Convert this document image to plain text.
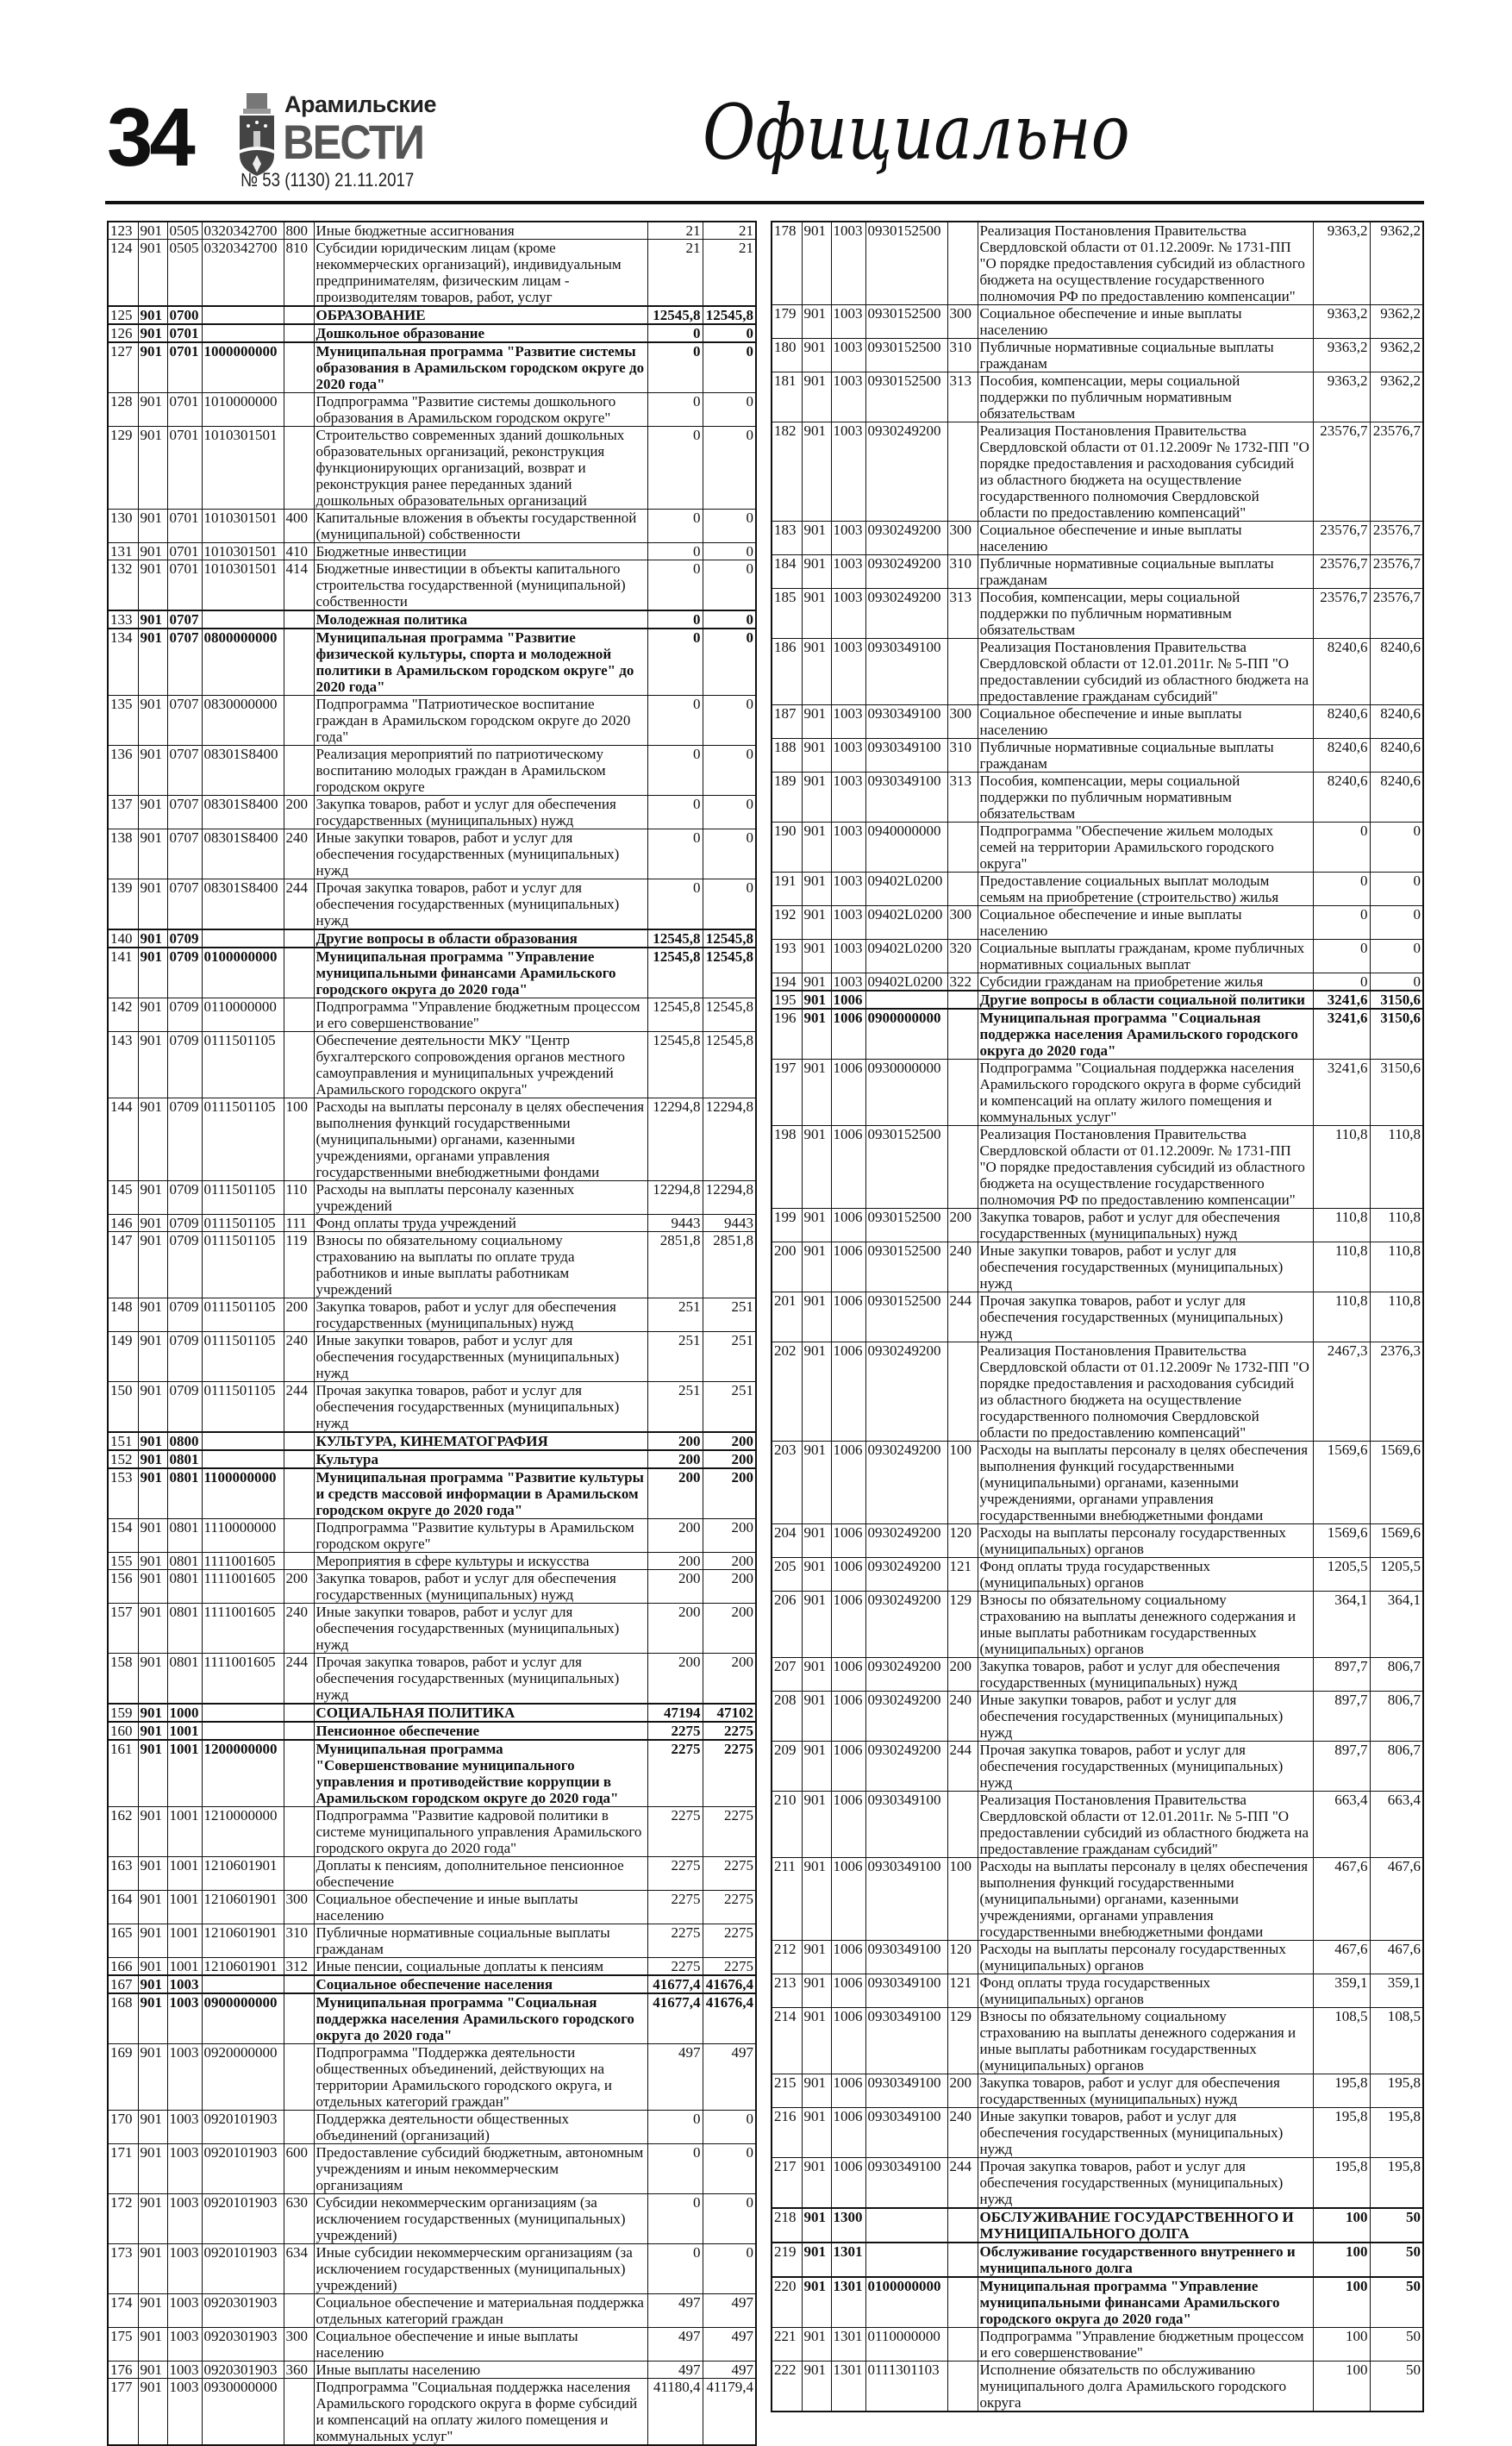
34	Арамильские
ВЕСТИ
№ 53 (1130) 21.11.2017
Официально
123	901	0505	0320342700	800	Иные бюджетные ассигнования	21	21
124	901	0505	0320342700	810	Субсидии юридическим лицам (кроме некоммерческих организаций), индивидуальным предпринимателям, физическим лицам - производителям товаров, работ, услуг	21	21
125	901	0700			ОБРАЗОВАНИЕ	12545,8	12545,8
126	901	0701			Дошкольное образование	0	0
127	901	0701	1000000000		Муниципальная программа "Развитие системы образования в Арамильском городском округе до 2020 года"	0	0
128	901	0701	1010000000		Подпрограмма "Развитие системы дошкольного образования в Арамильском городском округе"	0	0
129	901	0701	1010301501		Строительство современных зданий дошкольных образовательных организаций, реконструкция функционирующих организаций, возврат и реконструкция ранее переданных зданий дошкольных образовательных организаций	0	0
130	901	0701	1010301501	400	Капитальные вложения в объекты государственной (муниципальной) собственности	0	0
131	901	0701	1010301501	410	Бюджетные инвестиции	0	0
132	901	0701	1010301501	414	Бюджетные инвестиции в объекты капитального строительства государственной (муниципальной) собственности	0	0
133	901	0707			Молодежная политика	0	0
134	901	0707	0800000000		Муниципальная программа "Развитие физической культуры, спорта и молодежной политики в Арамильском городском округе" до 2020 года"	0	0
135	901	0707	0830000000		Подпрограмма "Патриотическое воспитание граждан в Арамильском городском округе до 2020 года"	0	0
136	901	0707	08301S8400		Реализация мероприятий по патриотическому воспитанию молодых граждан в Арамильском городском округе	0	0
137	901	0707	08301S8400	200	Закупка товаров, работ и услуг для обеспечения государственных (муниципальных) нужд	0	0
138	901	0707	08301S8400	240	Иные закупки товаров, работ и услуг для обеспечения государственных (муниципальных) нужд	0	0
139	901	0707	08301S8400	244	Прочая закупка товаров, работ и услуг для обеспечения государственных (муниципальных) нужд	0	0
140	901	0709			Другие вопросы в области образования	12545,8	12545,8
141	901	0709	0100000000		Муниципальная программа "Управление муниципальными финансами Арамильского городского округа до 2020 года"	12545,8	12545,8
142	901	0709	0110000000		Подпрограмма "Управление бюджетным процессом и его совершенствование"	12545,8	12545,8
143	901	0709	0111501105		Обеспечение деятельности МКУ "Центр бухгалтерского сопровождения органов местного самоуправления и муниципальных учреждений Арамильского городского округа"	12545,8	12545,8
144	901	0709	0111501105	100	Расходы на выплаты персоналу в целях обеспечения выполнения функций государственными (муниципальными) органами, казенными учреждениями, органами управления государственными внебюджетными фондами	12294,8	12294,8
145	901	0709	0111501105	110	Расходы на выплаты персоналу казенных учреждений	12294,8	12294,8
146	901	0709	0111501105	111	Фонд оплаты труда учреждений	9443	9443
147	901	0709	0111501105	119	Взносы по обязательному социальному страхованию на выплаты по оплате труда работников и иные выплаты работникам учреждений	2851,8	2851,8
148	901	0709	0111501105	200	Закупка товаров, работ и услуг для обеспечения государственных (муниципальных) нужд	251	251
149	901	0709	0111501105	240	Иные закупки товаров, работ и услуг для обеспечения государственных (муниципальных) нужд	251	251
150	901	0709	0111501105	244	Прочая закупка товаров, работ и услуг для обеспечения государственных (муниципальных) нужд	251	251
151	901	0800			КУЛЬТУРА, КИНЕМАТОГРАФИЯ	200	200
152	901	0801			Культура	200	200
153	901	0801	1100000000		Муниципальная программа "Развитие культуры и средств массовой информации в Арамильском городском округе до 2020 года"	200	200
154	901	0801	1110000000		Подпрограмма "Развитие культуры в Арамильском городском округе"	200	200
155	901	0801	1111001605		Мероприятия в сфере культуры и искусства	200	200
156	901	0801	1111001605	200	Закупка товаров, работ и услуг для обеспечения государственных (муниципальных) нужд	200	200
157	901	0801	1111001605	240	Иные закупки товаров, работ и услуг для обеспечения государственных (муниципальных) нужд	200	200
158	901	0801	1111001605	244	Прочая закупка товаров, работ и услуг для обеспечения государственных (муниципальных) нужд	200	200
159	901	1000			СОЦИАЛЬНАЯ ПОЛИТИКА	47194	47102
160	901	1001			Пенсионное обеспечение	2275	2275
161	901	1001	1200000000		Муниципальная программа "Совершенствование муниципального управления и противодействие коррупции в Арамильском городском округе до 2020 года"	2275	2275
162	901	1001	1210000000		Подпрограмма "Развитие кадровой политики в системе муниципального управления Арамильского городского округа до 2020 года"	2275	2275
163	901	1001	1210601901		Доплаты к пенсиям, дополнительное пенсионное обеспечение	2275	2275
164	901	1001	1210601901	300	Социальное обеспечение и иные выплаты населению	2275	2275
165	901	1001	1210601901	310	Публичные нормативные социальные выплаты гражданам	2275	2275
166	901	1001	1210601901	312	Иные пенсии, социальные доплаты к пенсиям	2275	2275
167	901	1003			Социальное обеспечение населения	41677,4	41676,4
168	901	1003	0900000000		Муниципальная программа "Социальная поддержка населения Арамильского городского округа до 2020 года"	41677,4	41676,4
169	901	1003	0920000000		Подпрограмма "Поддержка деятельности общественных объединений, действующих на территории Арамильского городского округа, и отдельных категорий граждан"	497	497
170	901	1003	0920101903		Поддержка деятельности общественных объединений (организаций)	0	0
171	901	1003	0920101903	600	Предоставление субсидий бюджетным, автономным учреждениям и иным некоммерческим организациям	0	0
172	901	1003	0920101903	630	Субсидии некоммерческим организациям (за исключением государственных (муниципальных) учреждений)	0	0
173	901	1003	0920101903	634	Иные субсидии некоммерческим организациям (за исключением государственных (муниципальных) учреждений)	0	0
174	901	1003	0920301903		Социальное обеспечение и материальная поддержка отдельных категорий граждан	497	497
175	901	1003	0920301903	300	Социальное обеспечение и иные выплаты населению	497	497
176	901	1003	0920301903	360	Иные выплаты населению	497	497
177	901	1003	0930000000		Подпрограмма "Социальная поддержка населения Арамильского городского округа в форме субсидий и компенсаций на оплату жилого помещения и коммунальных услуг"	41180,4	41179,4
178	901	1003	0930152500		Реализация Постановления Правительства Свердловской области от 01.12.2009г. № 1731-ПП "О порядке предоставления субсидий из областного бюджета на осуществление государственного полномочия РФ по предоставлению компенсации"	9363,2	9362,2
179	901	1003	0930152500	300	Социальное обеспечение и иные выплаты населению	9363,2	9362,2
180	901	1003	0930152500	310	Публичные нормативные социальные выплаты гражданам	9363,2	9362,2
181	901	1003	0930152500	313	Пособия, компенсации, меры социальной поддержки по публичным нормативным обязательствам	9363,2	9362,2
182	901	1003	0930249200		Реализация Постановления Правительства Свердловской области от 01.12.2009г № 1732-ПП "О порядке предоставления и расходования субсидий из областного бюджета на осуществление государственного полномочия Свердловской области по предоставлению компенсаций"	23576,7	23576,7
183	901	1003	0930249200	300	Социальное обеспечение и иные выплаты населению	23576,7	23576,7
184	901	1003	0930249200	310	Публичные нормативные социальные выплаты гражданам	23576,7	23576,7
185	901	1003	0930249200	313	Пособия, компенсации, меры социальной поддержки по публичным нормативным обязательствам	23576,7	23576,7
186	901	1003	0930349100		Реализация Постановления Правительства Свердловской области от 12.01.2011г. № 5-ПП "О предоставлении субсидий из областного бюджета на предоставление гражданам субсидий"	8240,6	8240,6
187	901	1003	0930349100	300	Социальное обеспечение и иные выплаты населению	8240,6	8240,6
188	901	1003	0930349100	310	Публичные нормативные социальные выплаты гражданам	8240,6	8240,6
189	901	1003	0930349100	313	Пособия, компенсации, меры социальной поддержки по публичным нормативным обязательствам	8240,6	8240,6
190	901	1003	0940000000		Подпрограмма "Обеспечение жильем молодых семей на территории Арамильского городского округа"	0	0
191	901	1003	09402L0200		Предоставление социальных выплат молодым семьям на приобретение (строительство) жилья	0	0
192	901	1003	09402L0200	300	Социальное обеспечение и иные выплаты населению	0	0
193	901	1003	09402L0200	320	Социальные выплаты гражданам, кроме публичных нормативных социальных выплат	0	0
194	901	1003	09402L0200	322	Субсидии гражданам на приобретение жилья	0	0
195	901	1006			Другие вопросы в области социальной политики	3241,6	3150,6
196	901	1006	0900000000		Муниципальная программа "Социальная поддержка населения Арамильского городского округа до 2020 года"	3241,6	3150,6
197	901	1006	0930000000		Подпрограмма "Социальная поддержка населения Арамильского городского округа в форме субсидий и компенсаций на оплату жилого помещения и коммунальных услуг"	3241,6	3150,6
198	901	1006	0930152500		Реализация Постановления Правительства Свердловской области от 01.12.2009г. № 1731-ПП "О порядке предоставления субсидий из областного бюджета на осуществление государственного полномочия РФ по предоставлению компенсации"	110,8	110,8
199	901	1006	0930152500	200	Закупка товаров, работ и услуг для обеспечения государственных (муниципальных) нужд	110,8	110,8
200	901	1006	0930152500	240	Иные закупки товаров, работ и услуг для обеспечения государственных (муниципальных) нужд	110,8	110,8
201	901	1006	0930152500	244	Прочая закупка товаров, работ и услуг для обеспечения государственных (муниципальных) нужд	110,8	110,8
202	901	1006	0930249200		Реализация Постановления Правительства Свердловской области от 01.12.2009г № 1732-ПП "О порядке предоставления и расходования субсидий из областного бюджета на осуществление государственного полномочия Свердловской области по предоставлению компенсаций"	2467,3	2376,3
203	901	1006	0930249200	100	Расходы на выплаты персоналу в целях обеспечения выполнения функций государственными (муниципальными) органами, казенными учреждениями, органами управления государственными внебюджетными фондами	1569,6	1569,6
204	901	1006	0930249200	120	Расходы на выплаты персоналу государственных (муниципальных) органов	1569,6	1569,6
205	901	1006	0930249200	121	Фонд оплаты труда государственных (муниципальных) органов	1205,5	1205,5
206	901	1006	0930249200	129	Взносы по обязательному социальному страхованию на выплаты денежного содержания и иные выплаты работникам государственных (муниципальных) органов	364,1	364,1
207	901	1006	0930249200	200	Закупка товаров, работ и услуг для обеспечения государственных (муниципальных) нужд	897,7	806,7
208	901	1006	0930249200	240	Иные закупки товаров, работ и услуг для обеспечения государственных (муниципальных) нужд	897,7	806,7
209	901	1006	0930249200	244	Прочая закупка товаров, работ и услуг для обеспечения государственных (муниципальных) нужд	897,7	806,7
210	901	1006	0930349100		Реализация Постановления Правительства Свердловской области от 12.01.2011г. № 5-ПП "О предоставлении субсидий из областного бюджета на предоставление гражданам субсидий"	663,4	663,4
211	901	1006	0930349100	100	Расходы на выплаты персоналу в целях обеспечения выполнения функций государственными (муниципальными) органами, казенными учреждениями, органами управления государственными внебюджетными фондами	467,6	467,6
212	901	1006	0930349100	120	Расходы на выплаты персоналу государственных (муниципальных) органов	467,6	467,6
213	901	1006	0930349100	121	Фонд оплаты труда государственных (муниципальных) органов	359,1	359,1
214	901	1006	0930349100	129	Взносы по обязательному социальному страхованию на выплаты денежного содержания и иные выплаты работникам государственных (муниципальных) органов	108,5	108,5
215	901	1006	0930349100	200	Закупка товаров, работ и услуг для обеспечения государственных (муниципальных) нужд	195,8	195,8
216	901	1006	0930349100	240	Иные закупки товаров, работ и услуг для обеспечения государственных (муниципальных) нужд	195,8	195,8
217	901	1006	0930349100	244	Прочая закупка товаров, работ и услуг для обеспечения государственных (муниципальных) нужд	195,8	195,8
218	901	1300			ОБСЛУЖИВАНИЕ ГОСУДАРСТВЕННОГО И МУНИЦИПАЛЬНОГО ДОЛГА	100	50
219	901	1301			Обслуживание государственного внутреннего и муниципального долга	100	50
220	901	1301	0100000000		Муниципальная программа "Управление муниципальными финансами Арамильского городского округа до 2020 года"	100	50
221	901	1301	0110000000		Подпрограмма "Управление бюджетным процессом и его совершенствование"	100	50
222	901	1301	0111301103		Исполнение обязательств по обслуживанию муниципального долга Арамильского городского округа	100	50
